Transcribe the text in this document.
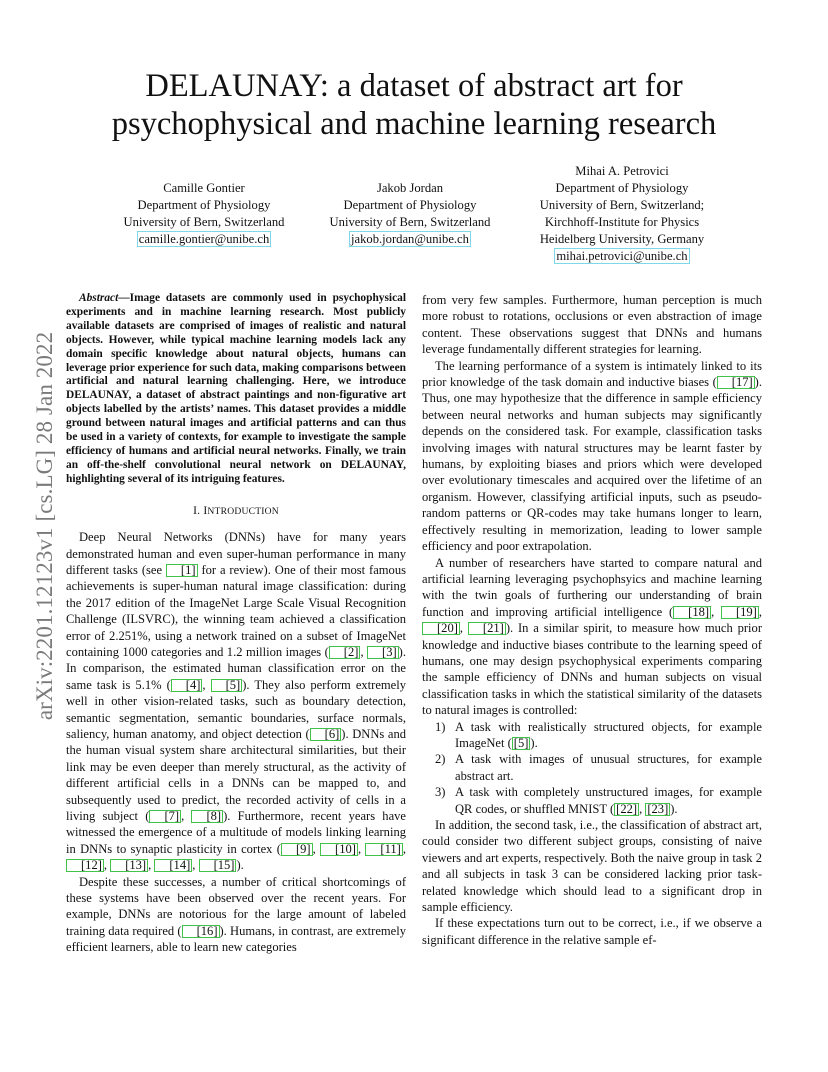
DELAUNAY: a dataset of abstract art for
psychophysical and machine learning research
Camille Gontier
Department of Physiology
University of Bern, Switzerland
camille.gontier@unibe.ch
Jakob Jordan
Department of Physiology
University of Bern, Switzerland
jakob.jordan@unibe.ch
Mihai A. Petrovici
Department of Physiology
University of Bern, Switzerland;
Kirchhoff-Institute for Physics
Heidelberg University, Germany
mihai.petrovici@unibe.ch
arXiv:2201.12123v1 [cs.LG] 28 Jan 2022

Abstract—Image datasets are commonly used in psychophysical experiments and in machine learning research. Most publicly available datasets are comprised of images of realistic and natural objects. However, while typical machine learning models lack any domain specific knowledge about natural objects, humans can leverage prior experience for such data, making comparisons between artificial and natural learning challenging. Here, we introduce DELAUNAY, a dataset of abstract paintings and non-figurative art objects labelled by the artists’ names. This dataset provides a middle ground between natural images and artificial patterns and can thus be used in a variety of contexts, for example to investigate the sample efficiency of humans and artificial neural networks. Finally, we train an off-the-shelf convolutional neural network on DELAUNAY, highlighting several of its intriguing features.

I. INTRODUCTION

Deep Neural Networks (DNNs) have for many years demonstrated human and even super-human performance in many different tasks (see [1] for a review). One of their most famous achievements is super-human natural image classification: during the 2017 edition of the ImageNet Large Scale Visual Recognition Challenge (ILSVRC), the winning team achieved a classification error of 2.251%, using a network trained on a subset of ImageNet containing 1000 categories and 1.2 million images ( [2] , [3] ). In comparison, the estimated human classification error on the same task is 5.1% ( [4] , [5] ). They also perform extremely well in other vision-related tasks, such as boundary detection, semantic segmentation, semantic boundaries, surface normals, saliency, human anatomy, and object detection ( [6] ). DNNs and the human visual system share architectural similarities, but their link may be even deeper than merely structural, as the activity of different artificial cells in a DNNs can be mapped to, and subsequently used to predict, the recorded activity of cells in a living subject ( [7] , [8] ). Furthermore, recent years have witnessed the emergence of a multitude of models linking learning in DNNs to synaptic plasticity in cortex ( [9] , [10] , [11] , [12] , [13] , [14] , [15] ).

Despite these successes, a number of critical shortcomings of these systems have been observed over the recent years. For example, DNNs are notorious for the large amount of labeled training data required ( [16] ). Humans, in contrast, are extremely efficient learners, able to learn new categories

from very few samples. Furthermore, human perception is much more robust to rotations, occlusions or even abstraction of image content. These observations suggest that DNNs and humans leverage fundamentally different strategies for learning.

The learning performance of a system is intimately linked to its prior knowledge of the task domain and inductive biases ( [17] ). Thus, one may hypothesize that the difference in sample efficiency between neural networks and human subjects may significantly depends on the considered task. For example, classification tasks involving images with natural structures may be learnt faster by humans, by exploiting biases and priors which were developed over evolutionary timescales and acquired over the lifetime of an organism. However, classifying artificial inputs, such as pseudo-random patterns or QR-codes may take humans longer to learn, effectively resulting in memorization, leading to lower sample efficiency and poor extrapolation.

A number of researchers have started to compare natural and artificial learning leveraging psychophsyics and machine learning with the twin goals of furthering our understanding of brain function and improving artificial intelligence ( [18] , [19] , [20] , [21] ). In a similar spirit, to measure how much prior knowledge and inductive biases contribute to the learning speed of humans, one may design psychophysical experiments comparing the sample efficiency of DNNs and human subjects on visual classification tasks in which the statistical similarity of the datasets to natural images is controlled:

1) A task with realistically structured objects, for example ImageNet ( [5] ).
2) A task with images of unusual structures, for example abstract art.
3) A task with completely unstructured images, for example QR codes, or shuffled MNIST ( [22] , [23] ).

In addition, the second task, i.e., the classification of abstract art, could consider two different subject groups, consisting of naive viewers and art experts, respectively. Both the naive group in task 2 and all subjects in task 3 can be considered lacking prior task-related knowledge which should lead to a significant drop in sample efficiency.

If these expectations turn out to be correct, i.e., if we observe a significant difference in the relative sample ef-
